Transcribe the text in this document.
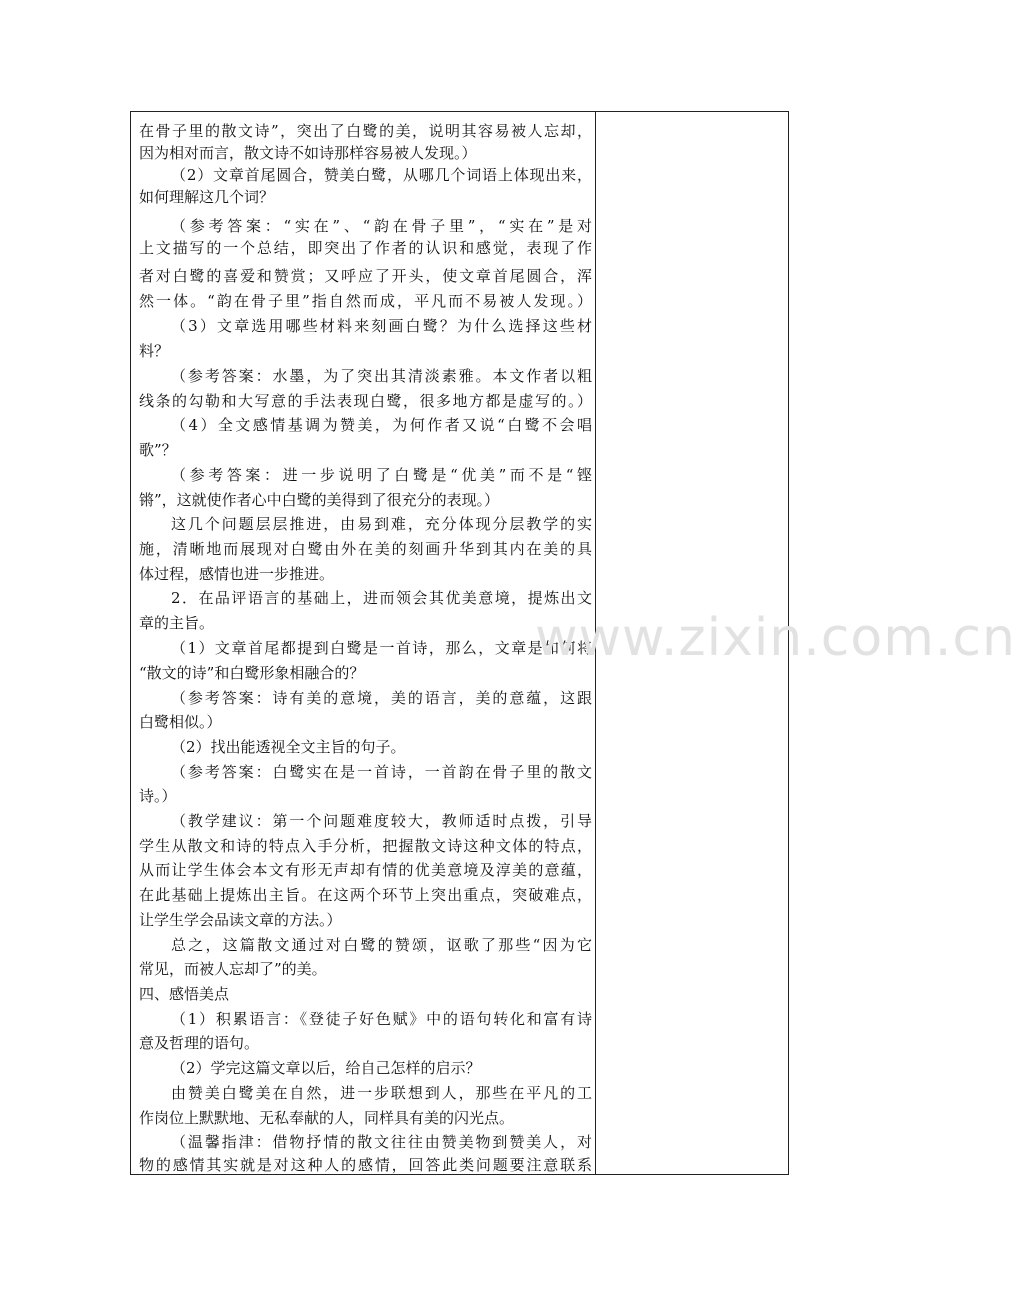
在骨子里的散文诗”，突出了白鹭的美，说明其容易被人忘却，
因为相对而言，散文诗不如诗那样容易被人发现。）
（2）文章首尾圆合，赞美白鹭，从哪几个词语上体现出来，
如何理解这几个词？
（参考答案：“实在”、“韵在骨子里”，“实在”是对
上文描写的一个总结，即突出了作者的认识和感觉，表现了作
者对白鹭的喜爱和赞赏；又呼应了开头，使文章首尾圆合，浑
然一体。“韵在骨子里”指自然而成，平凡而不易被人发现。）
（3）文章选用哪些材料来刻画白鹭？为什么选择这些材
料？
（参考答案：水墨，为了突出其清淡素雅。本文作者以粗
线条的勾勒和大写意的手法表现白鹭，很多地方都是虚写的。）
（4）全文感情基调为赞美，为何作者又说“白鹭不会唱
歌”？
（参考答案：进一步说明了白鹭是“优美”而不是“铿
锵”，这就使作者心中白鹭的美得到了很充分的表现。）
这几个问题层层推进，由易到难，充分体现分层教学的实
施，清晰地而展现对白鹭由外在美的刻画升华到其内在美的具
体过程，感情也进一步推进。
2．在品评语言的基础上，进而领会其优美意境，提炼出文
章的主旨。
（1）文章首尾都提到白鹭是一首诗，那么，文章是如何将
“散文的诗”和白鹭形象相融合的？
（参考答案：诗有美的意境，美的语言，美的意蕴，这跟
白鹭相似。）
（2）找出能透视全文主旨的句子。
（参考答案：白鹭实在是一首诗，一首韵在骨子里的散文
诗。）
（教学建议：第一个问题难度较大，教师适时点拨，引导
学生从散文和诗的特点入手分析，把握散文诗这种文体的特点，
从而让学生体会本文有形无声却有情的优美意境及淳美的意蕴，
在此基础上提炼出主旨。在这两个环节上突出重点，突破难点，
让学生学会品读文章的方法。）
总之，这篇散文通过对白鹭的赞颂，讴歌了那些“因为它
常见，而被人忘却了”的美。
四、感悟美点
（1）积累语言：《登徒子好色赋》中的语句转化和富有诗
意及哲理的语句。
（2）学完这篇文章以后，给自己怎样的启示？
由赞美白鹭美在自然，进一步联想到人，那些在平凡的工
作岗位上默默地、无私奉献的人，同样具有美的闪光点。
（温馨指津：借物抒情的散文往往由赞美物到赞美人，对
物的感情其实就是对这种人的感情，回答此类问题要注意联系
www.zixin.com.cn
